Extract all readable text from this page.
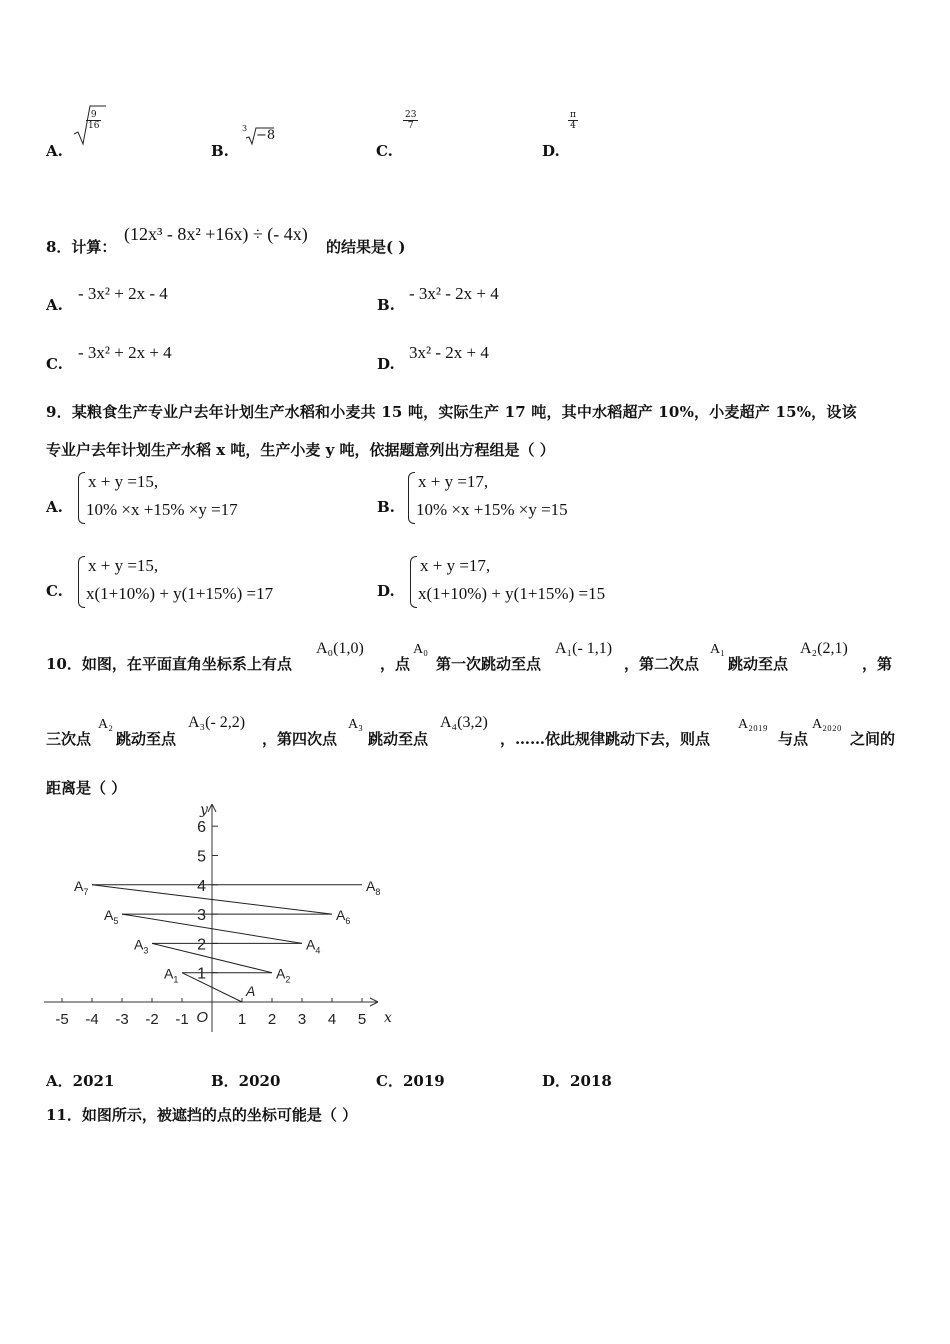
A.
$\frac{9}{16}$
B.
3 −8
C.
$\frac{23}{7}$
D.
$\frac{\pi}{4}$
8．计算：
(12x³ - 8x² +16x) ÷ (- 4x)
的结果是( )
A.
- 3x² + 2x - 4
B.
- 3x² - 2x + 4
C.
- 3x² + 2x + 4
D.
3x² - 2x + 4
9．某粮食生产专业户去年计划生产水稻和小麦共 15 吨，实际生产 17 吨，其中水稻超产 10%，小麦超产 15%，设该
专业户去年计划生产水稻 x 吨，生产小麦 y 吨，依据题意列出方程组是（ ）
A.
x + y =15,
10% ×x +15% ×y =17	B.
x + y =17,
10% ×x +15% ×y =15
C.
x + y =15,
x(1+10%) + y(1+15%) =17	D.
x + y =17,
x(1+10%) + y(1+15%) =15
10．如图，在平面直角坐标系上有点
A₀(1,0)
，点
A₀
第一次跳动至点
A₁(- 1,1)
，第二次点
A₁
跳动至点
A₂(2,1)
，第
三次点
A₂
跳动至点
A₃(- 2,2)
，第四次点
A₃
跳动至点
A₄(3,2)
，……依此规律跳动下去，则点
A₂₀₁₉
与点
A₂₀₂₀
之间的
距离是（ ）
-5 -4 -3 -2 -1	1 2 3 4 5
1
2
3
4
5
6
O	x
y
A
$A_1$	$A_2$
$A_3$	$A_4$
$A_5$	$A_6$
$A_7$	$A_8$
A．2021	B．2020	C．2019	D．2018
11．如图所示，被遮挡的点的坐标可能是（ ）
